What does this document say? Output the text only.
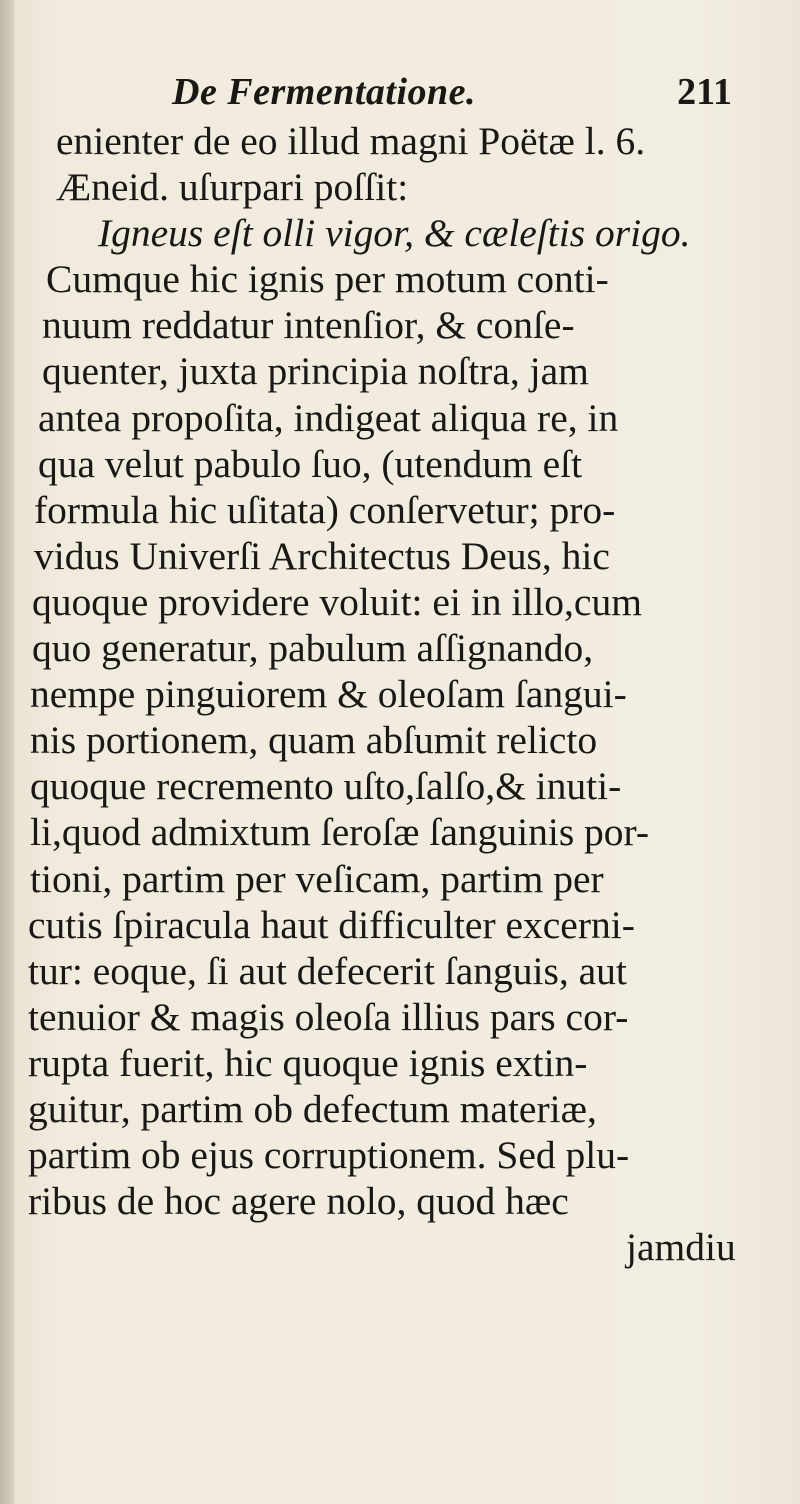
De Fermentatione.	211
enienter de eo illud magni Poëtæ l. 6.
Æneid. uſurpari poſſit:
Igneus eſt olli vigor, & cæleſtis origo.
Cumque hic ignis per motum conti-
nuum reddatur intenſior, & conſe-
quenter, juxta principia noſtra, jam
antea propoſita, indigeat aliqua re, in
qua velut pabulo ſuo, (utendum eſt
formula hic uſitata) conſervetur; pro-
vidus Univerſi Architectus Deus, hic
quoque providere voluit: ei in illo,cum
quo generatur, pabulum aſſignando,
nempe pinguiorem & oleoſam ſangui-
nis portionem, quam abſumit relicto
quoque recremento uſto,ſalſo,& inuti-
li,quod admixtum ſeroſæ ſanguinis por-
tioni, partim per veſicam, partim per
cutis ſpiracula haut difficulter excerni-
tur: eoque, ſi aut defecerit ſanguis, aut
tenuior & magis oleoſa illius pars cor-
rupta fuerit, hic quoque ignis extin-
guitur, partim ob defectum materiæ,
partim ob ejus corruptionem. Sed plu-
ribus de hoc agere nolo, quod hæc
jamdiu
